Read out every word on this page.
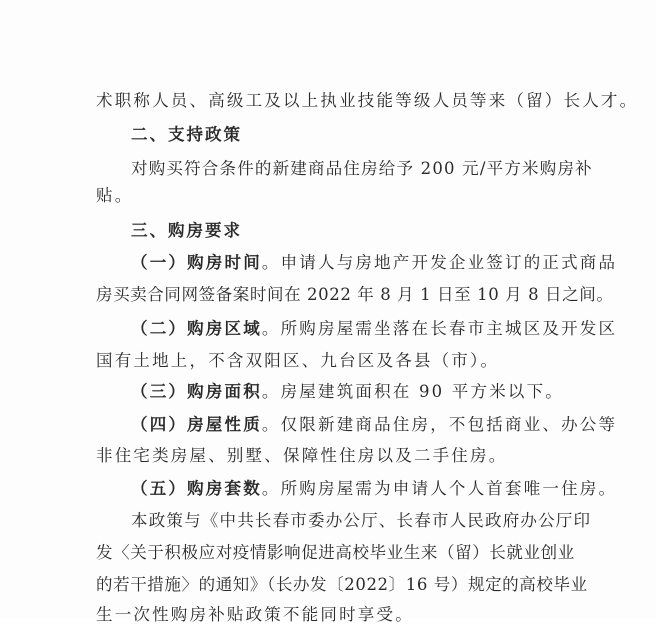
术职称人员、高级工及以上执业技能等级人员等来（留）长人才。
二、支持政策
对购买符合条件的新建商品住房给予 200 元/平方米购房补
贴。
三、购房要求
（一）购房时间。申请人与房地产开发企业签订的正式商品
房买卖合同网签备案时间在 2022 年 8 月 1 日至 10 月 8 日之间。
（二）购房区域。所购房屋需坐落在长春市主城区及开发区
国有土地上，不含双阳区、九台区及各县（市）。
（三）购房面积。房屋建筑面积在 90 平方米以下。
（四）房屋性质。仅限新建商品住房，不包括商业、办公等
非住宅类房屋、别墅、保障性住房以及二手住房。
（五）购房套数。所购房屋需为申请人个人首套唯一住房。
本政策与《中共长春市委办公厅、长春市人民政府办公厅印
发〈关于积极应对疫情影响促进高校毕业生来（留）长就业创业
的若干措施〉的通知》（长办发〔2022〕16 号）规定的高校毕业
生一次性购房补贴政策不能同时享受。
